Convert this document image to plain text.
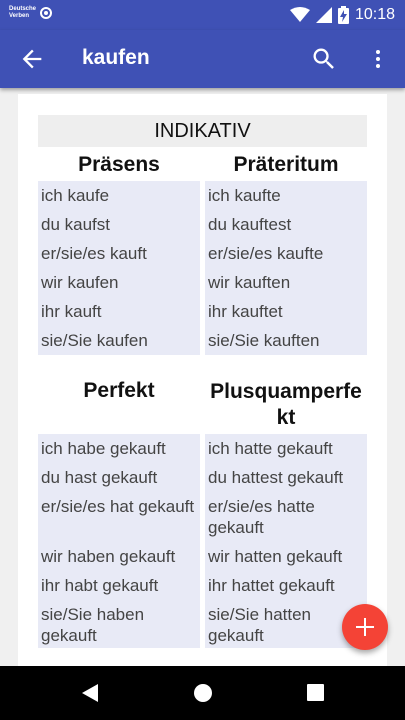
Deutsche Verben	10:18
kaufen
INDIKATIV
Präsens
ich kaufe
du kaufst
er/sie/es kauft
wir kaufen
ihr kauft
sie/Sie kaufen
Präteritum
ich kaufte
du kauftest
er/sie/es kaufte
wir kauften
ihr kauftet
sie/Sie kauften
Perfekt
ich habe gekauft
du hast gekauft
er/sie/es hat gekauft
wir haben gekauft
ihr habt gekauft
sie/Sie haben gekauft
Plusquamperfekt
ich hatte gekauft
du hattest gekauft
er/sie/es hatte gekauft
wir hatten gekauft
ihr hattet gekauft
sie/Sie hatten gekauft
